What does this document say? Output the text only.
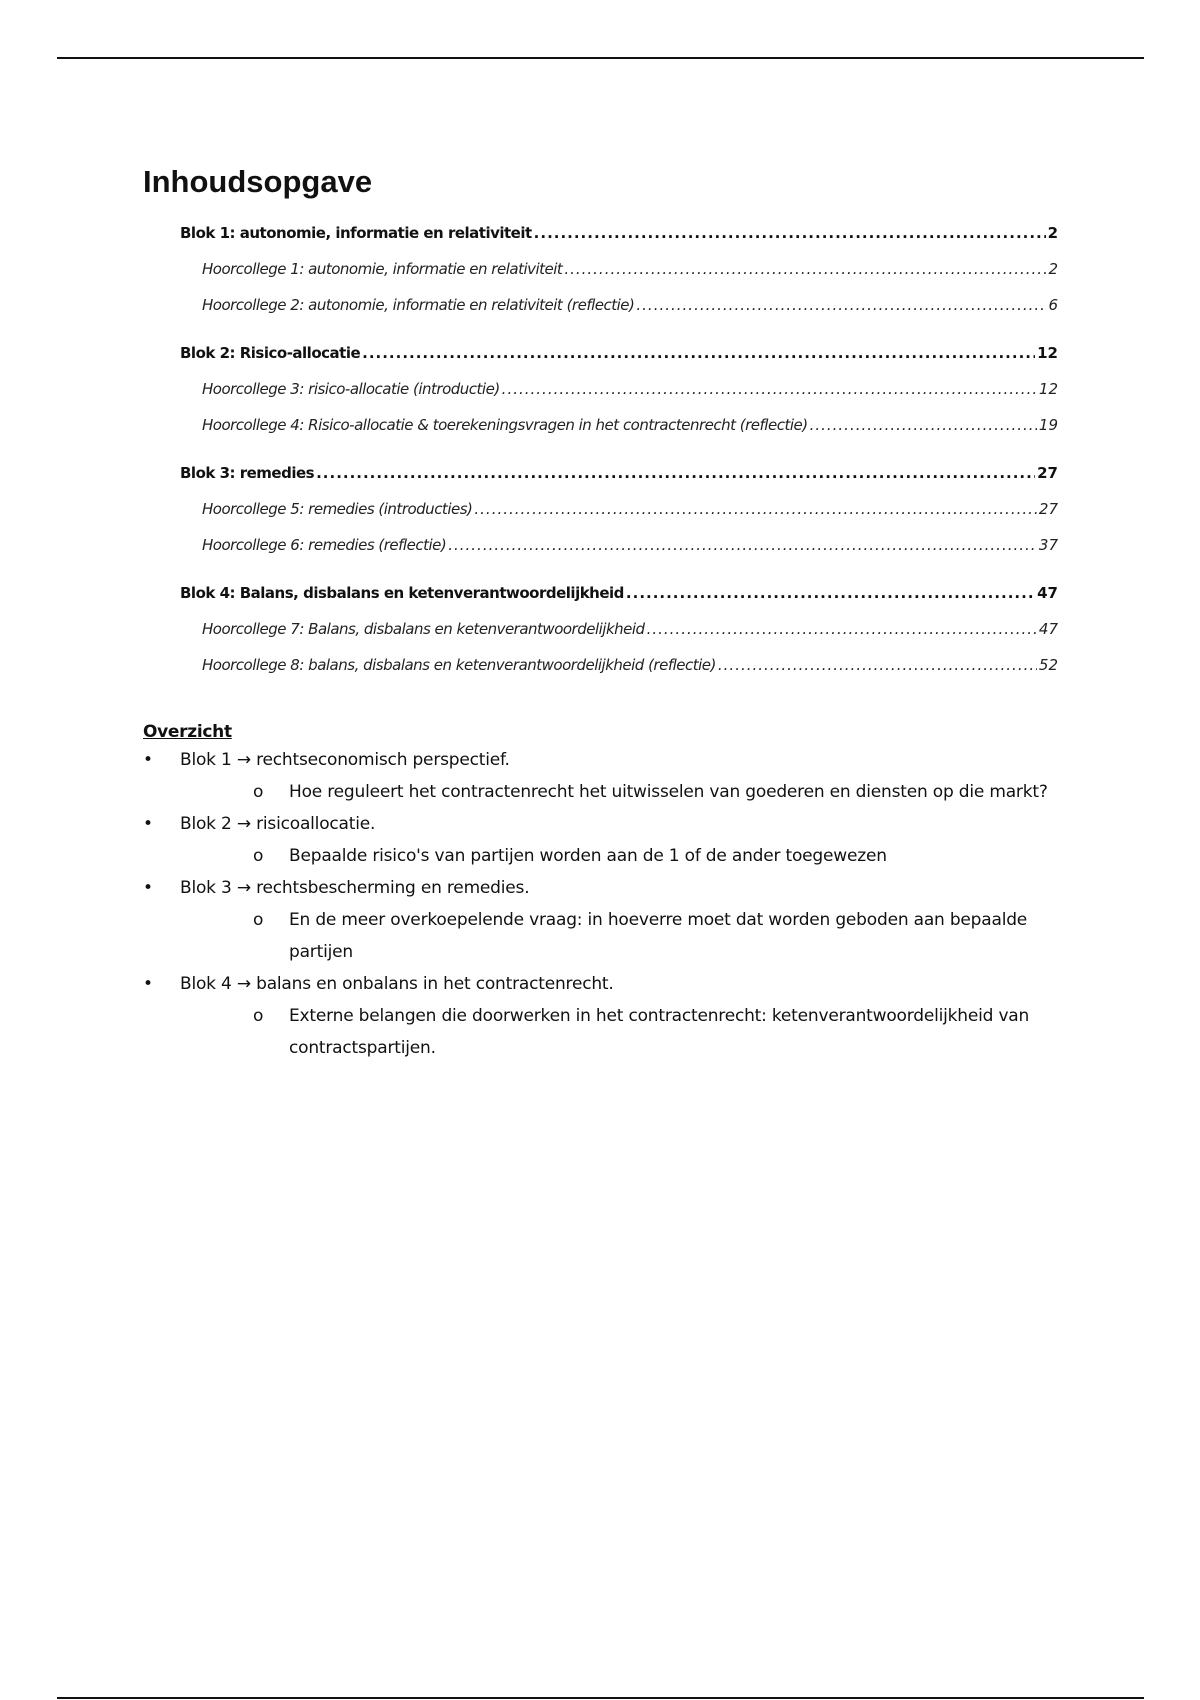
Inhoudsopgave
Blok 1: autonomie, informatie en relativiteit .....	2
Hoorcollege 1: autonomie, informatie en relativiteit .....	2
Hoorcollege 2: autonomie, informatie en relativiteit (reflectie) .....	6
Blok 2: Risico-allocatie .....	12
Hoorcollege 3: risico-allocatie (introductie) .....	12
Hoorcollege 4: Risico-allocatie & toerekeningsvragen in het contractenrecht (reflectie) .....	19
Blok 3: remedies .....	27
Hoorcollege 5: remedies (introducties) .....	27
Hoorcollege 6: remedies (reflectie) .....	37
Blok 4: Balans, disbalans en ketenverantwoordelijkheid .....	47
Hoorcollege 7: Balans, disbalans en ketenverantwoordelijkheid .....	47
Hoorcollege 8: balans, disbalans en ketenverantwoordelijkheid (reflectie) .....	52
Overzicht
• Blok 1 → rechtseconomisch perspectief.
o Hoe reguleert het contractenrecht het uitwisselen van goederen en diensten op die markt?
• Blok 2 → risicoallocatie.
o Bepaalde risico's van partijen worden aan de 1 of de ander toegewezen
• Blok 3 → rechtsbescherming en remedies.
o En de meer overkoepelende vraag: in hoeverre moet dat worden geboden aan bepaalde partijen
• Blok 4 → balans en onbalans in het contractenrecht.
o Externe belangen die doorwerken in het contractenrecht: ketenverantwoordelijkheid van contractspartijen.
